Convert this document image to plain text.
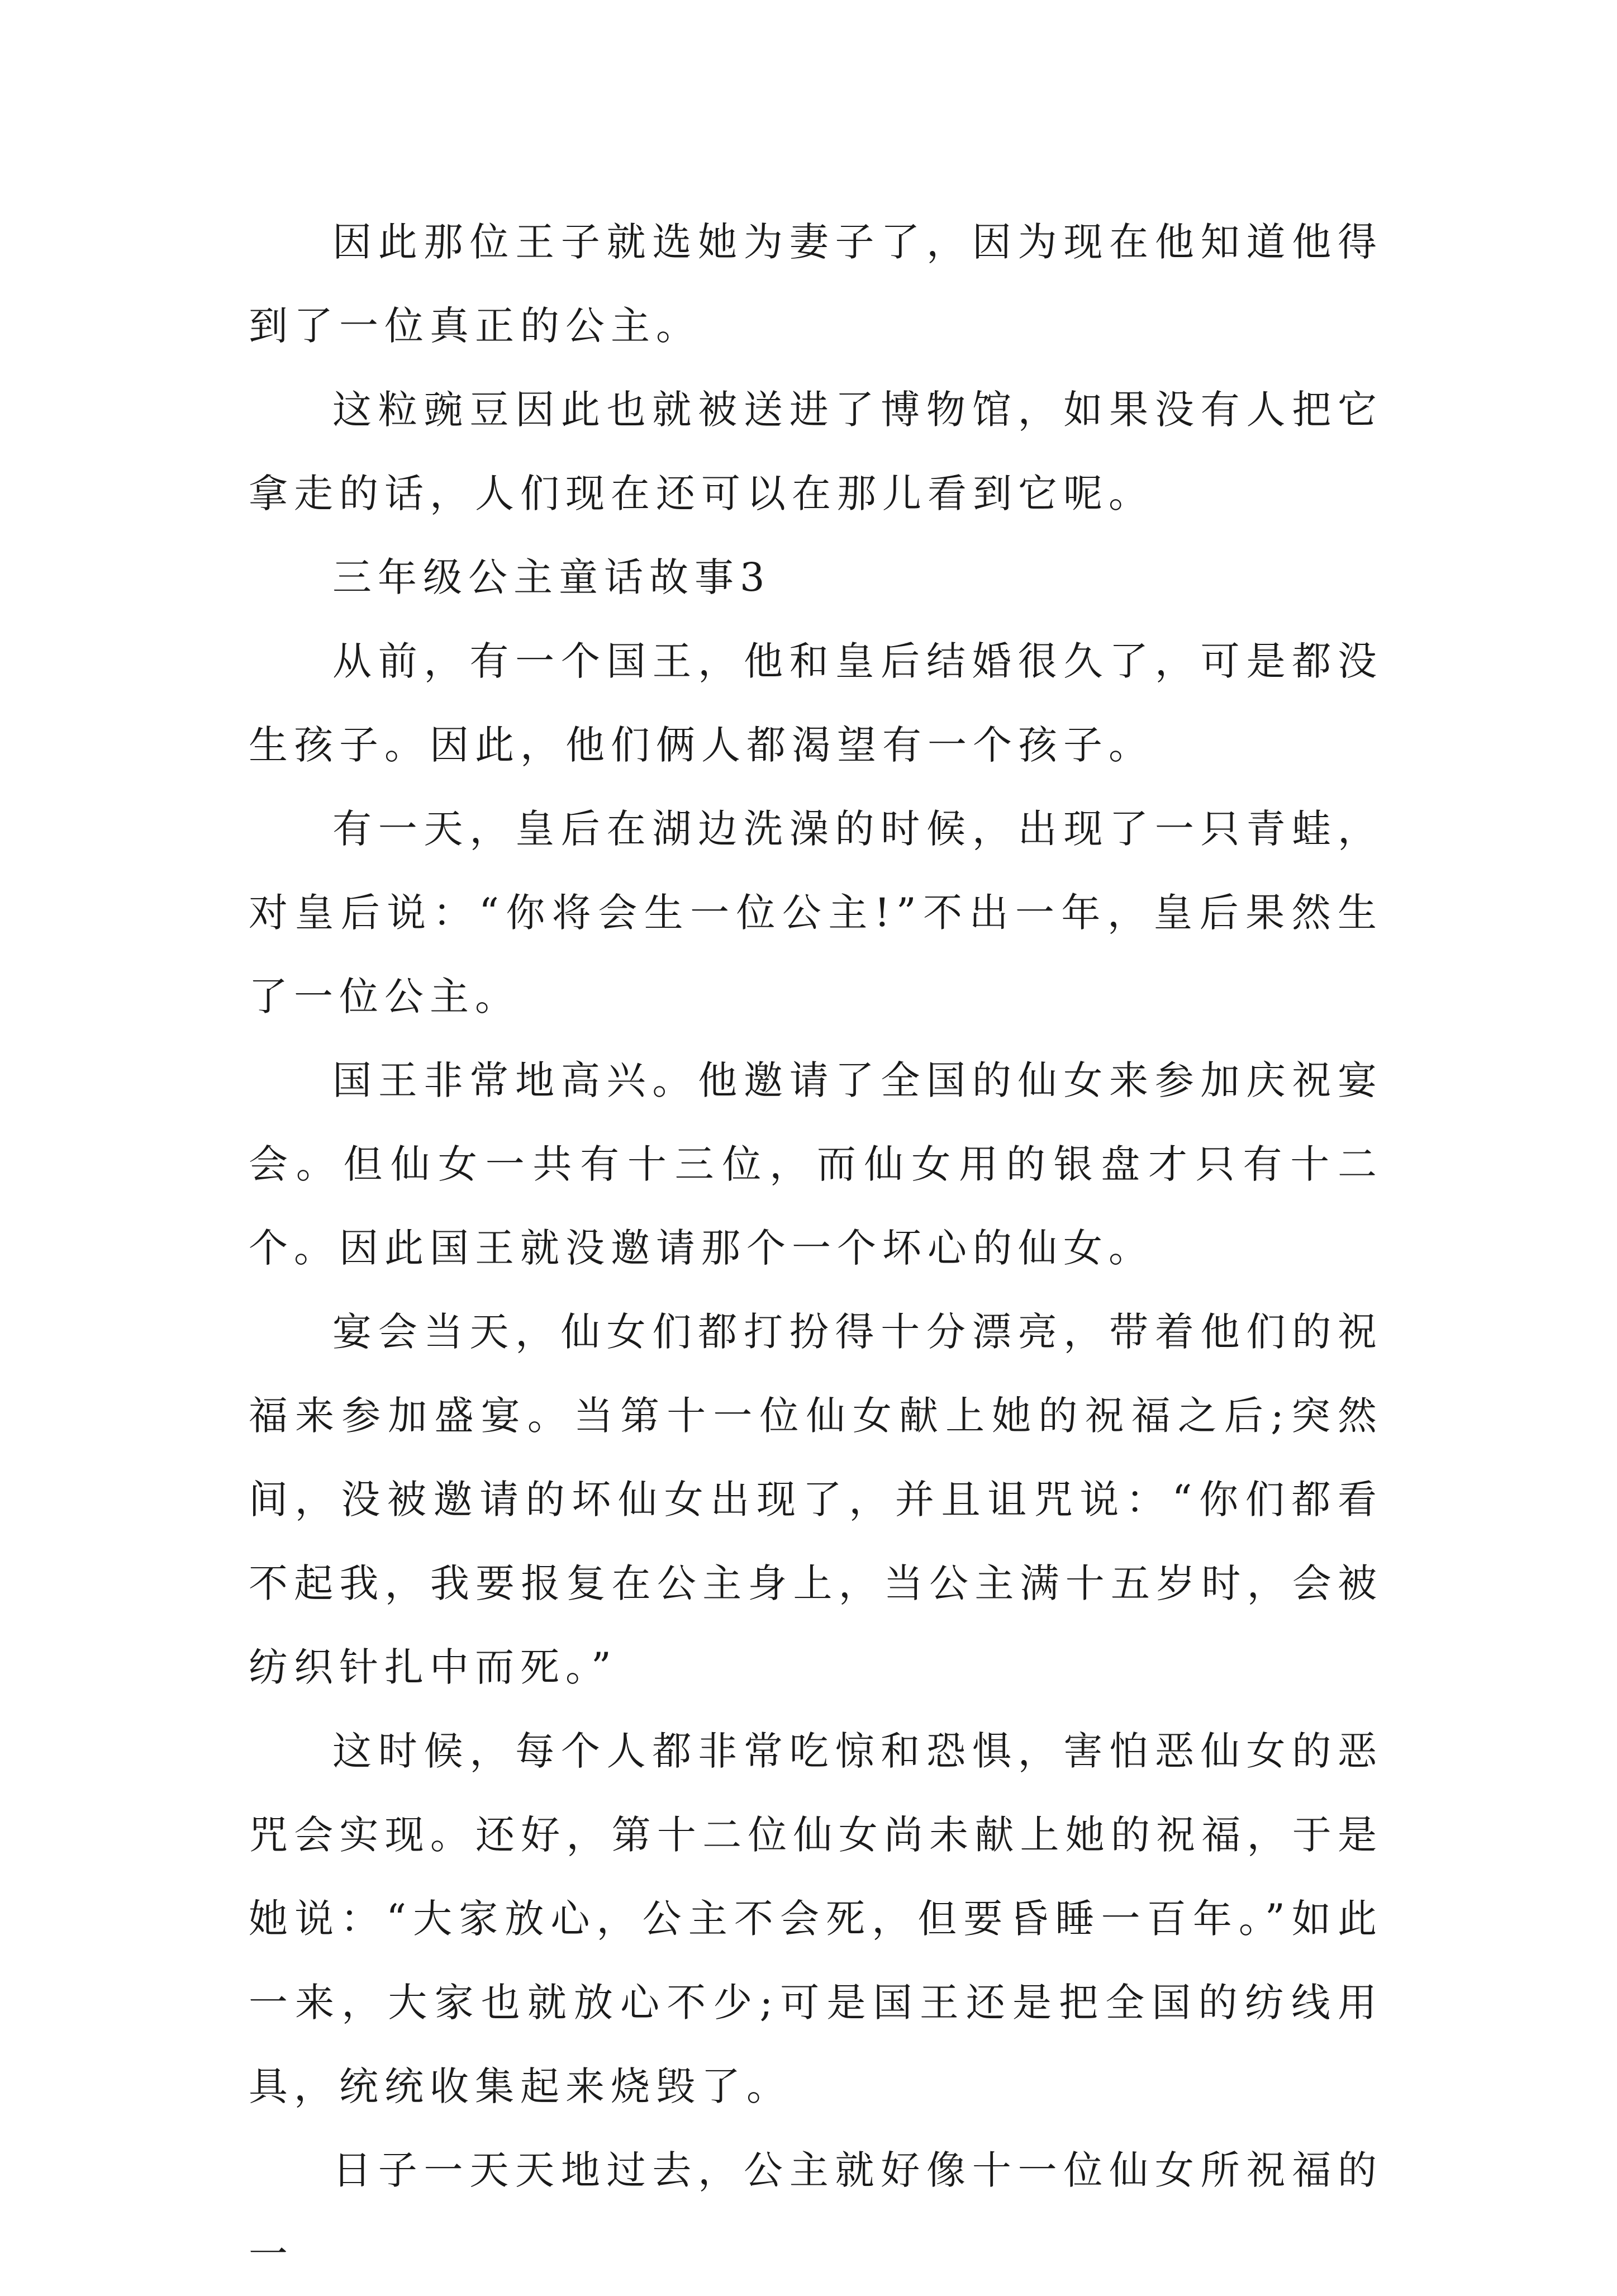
因此那位王子就选她为妻子了，因为现在他知道他得到了一位真正的公主。

这粒豌豆因此也就被送进了博物馆，如果没有人把它拿走的话，人们现在还可以在那儿看到它呢。

三年级公主童话故事3

从前，有一个国王，他和皇后结婚很久了，可是都没生孩子。因此，他们俩人都渴望有一个孩子。

有一天，皇后在湖边洗澡的时候，出现了一只青蛙，对皇后说：“你将会生一位公主!”不出一年，皇后果然生了一位公主。

国王非常地高兴。他邀请了全国的仙女来参加庆祝宴会。但仙女一共有十三位，而仙女用的银盘才只有十二个。因此国王就没邀请那个一个坏心的仙女。

宴会当天，仙女们都打扮得十分漂亮，带着他们的祝福来参加盛宴。当第十一位仙女献上她的祝福之后;突然间，没被邀请的坏仙女出现了，并且诅咒说：“你们都看不起我，我要报复在公主身上，当公主满十五岁时，会被纺织针扎中而死。”

这时候，每个人都非常吃惊和恐惧，害怕恶仙女的恶咒会实现。还好，第十二位仙女尚未献上她的祝福，于是她说：“大家放心，公主不会死，但要昏睡一百年。”如此一来，大家也就放心不少;可是国王还是把全国的纺线用具，统统收集起来烧毁了。

日子一天天地过去，公主就好像十一位仙女所祝福的一
